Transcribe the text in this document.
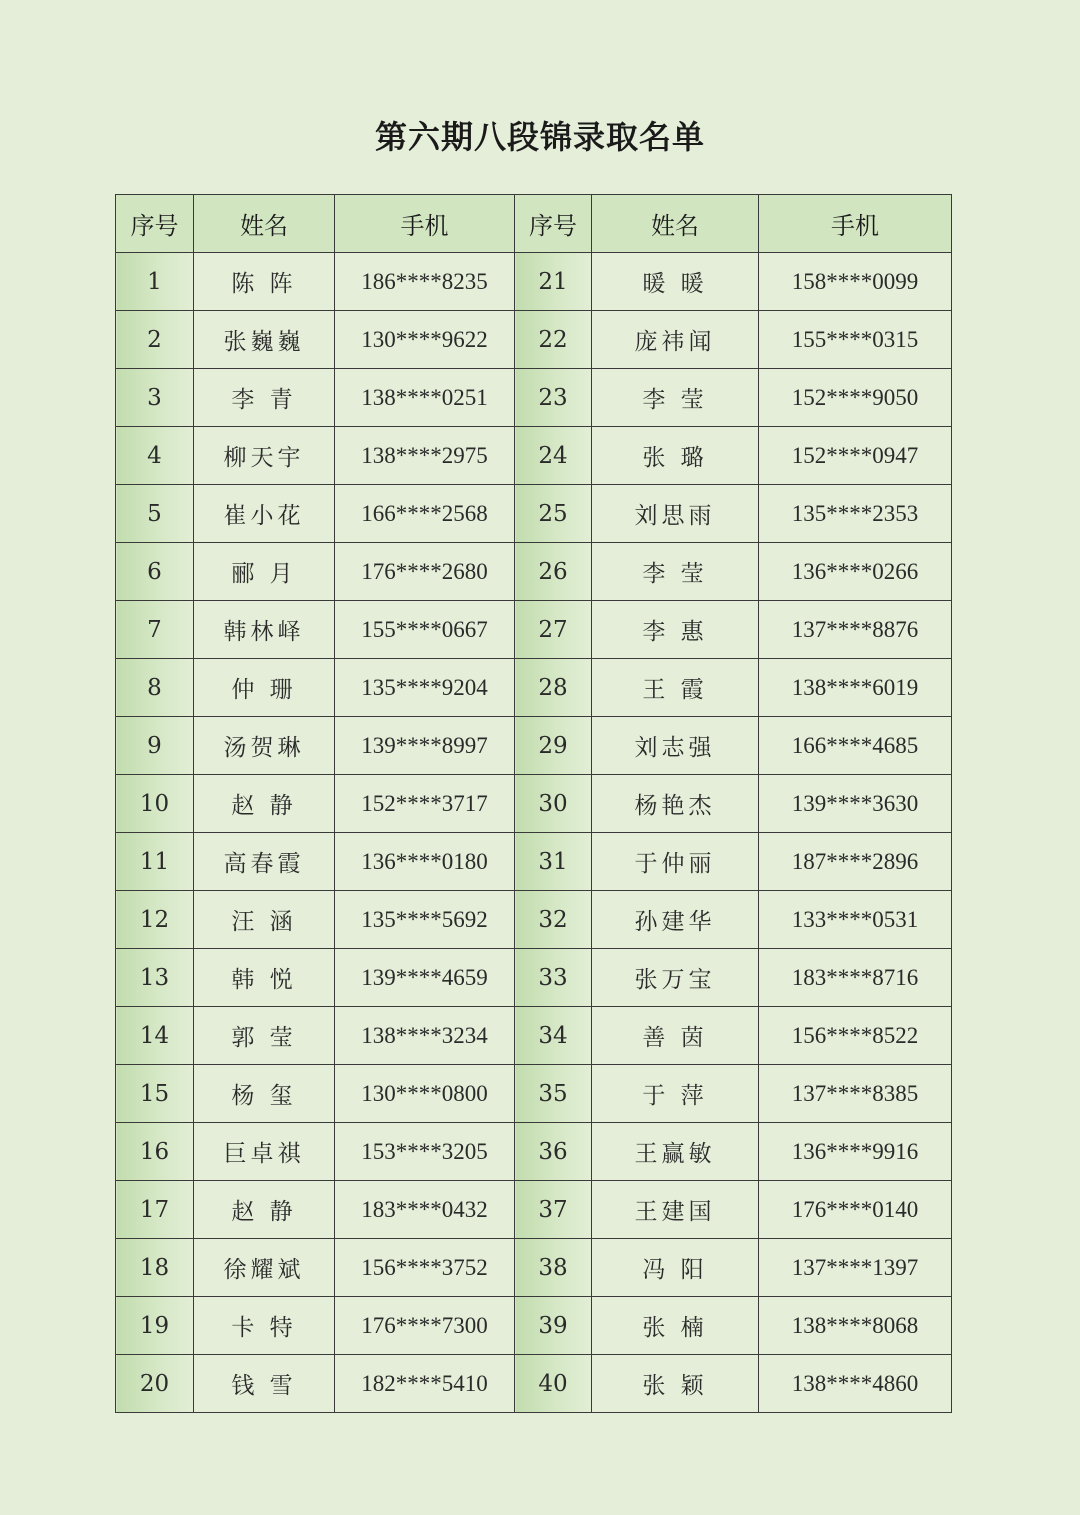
第六期八段锦录取名单
序号	姓名	手机	序号	姓名	手机
1	陈 阵	186****8235	21	暖 暖	158****0099
2	张巍巍	130****9622	22	庞祎闻	155****0315
3	李 青	138****0251	23	李 莹	152****9050
4	柳天宇	138****2975	24	张 璐	152****0947
5	崔小花	166****2568	25	刘思雨	135****2353
6	郦 月	176****2680	26	李 莹	136****0266
7	韩林峄	155****0667	27	李 惠	137****8876
8	仲 珊	135****9204	28	王 霞	138****6019
9	汤贺琳	139****8997	29	刘志强	166****4685
10	赵 静	152****3717	30	杨艳杰	139****3630
11	高春霞	136****0180	31	于仲丽	187****2896
12	汪 涵	135****5692	32	孙建华	133****0531
13	韩 悦	139****4659	33	张万宝	183****8716
14	郭 莹	138****3234	34	善 茵	156****8522
15	杨 玺	130****0800	35	于 萍	137****8385
16	巨卓祺	153****3205	36	王赢敏	136****9916
17	赵 静	183****0432	37	王建国	176****0140
18	徐耀斌	156****3752	38	冯 阳	137****1397
19	卡 特	176****7300	39	张 楠	138****8068
20	钱 雪	182****5410	40	张 颖	138****4860
